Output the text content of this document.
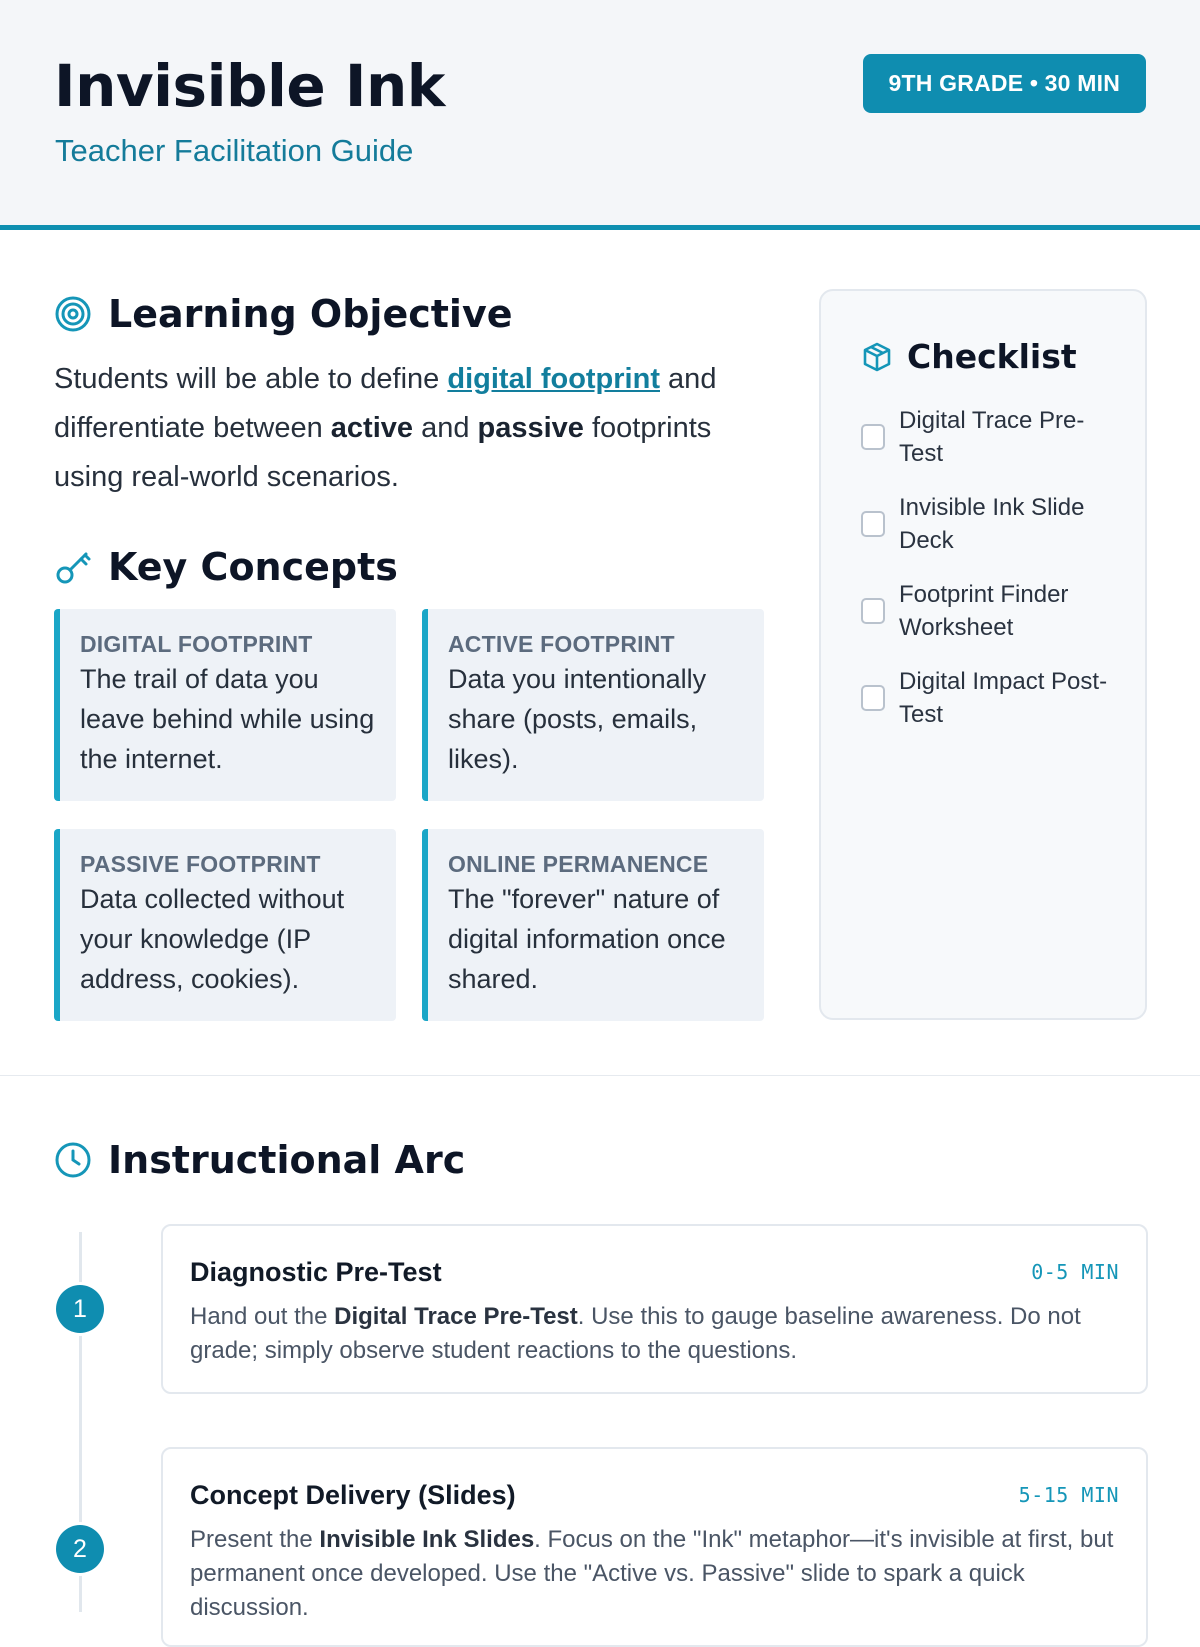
Invisible Ink
Teacher Facilitation Guide
9TH GRADE • 30 MIN
Learning Objective

Students will be able to define digital footprint and differentiate between active and passive footprints using real-world scenarios.

Key Concepts
DIGITAL FOOTPRINT
The trail of data you leave behind while using the internet.
ACTIVE FOOTPRINT
Data you intentionally share (posts, emails, likes).
PASSIVE FOOTPRINT
Data collected without your knowledge (IP address, cookies).
ONLINE PERMANENCE
The "forever" nature of digital information once shared.
Checklist
Digital Trace Pre-Test
Invisible Ink Slide Deck
Footprint Finder Worksheet
Digital Impact Post-Test
Instructional Arc
1
Diagnostic Pre-Test	0-5 MIN
Hand out the Digital Trace Pre-Test. Use this to gauge baseline awareness. Do not grade; simply observe student reactions to the questions.
2
Concept Delivery (Slides)	5-15 MIN
Present the Invisible Ink Slides. Focus on the "Ink" metaphor—it's invisible at first, but permanent once developed. Use the "Active vs. Passive" slide to spark a quick discussion.
